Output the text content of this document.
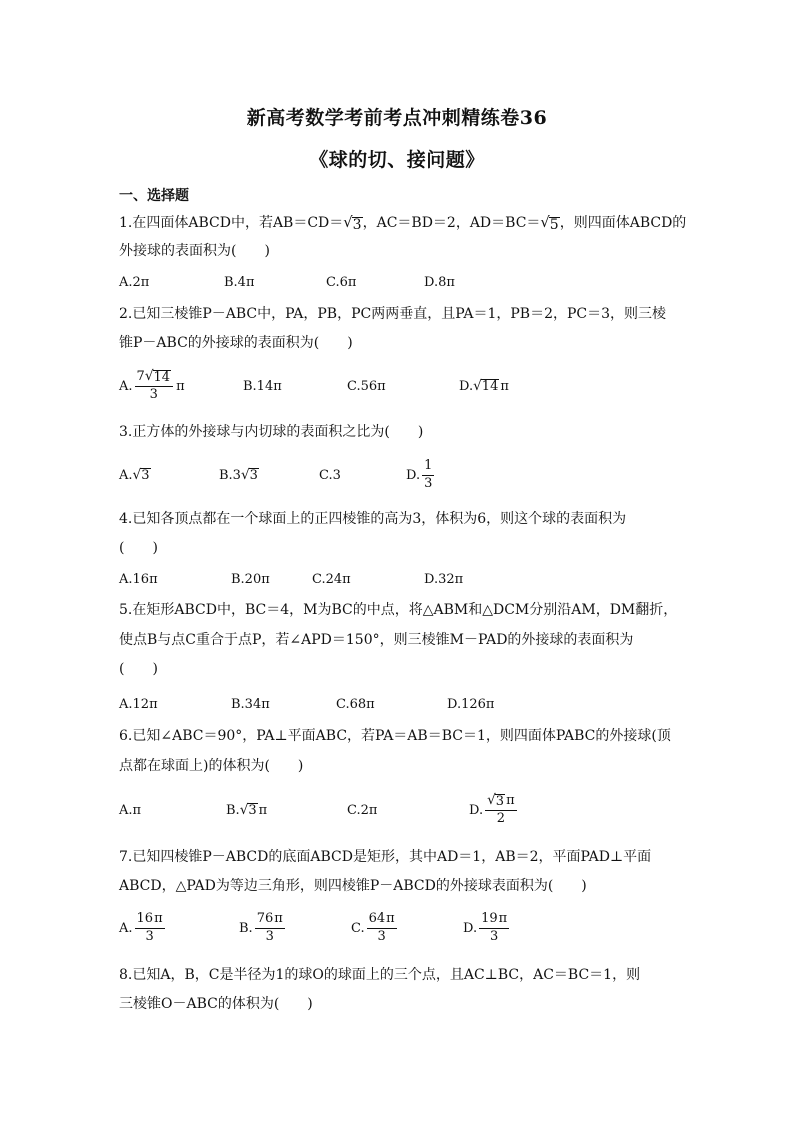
新高考数学考前考点冲刺精练卷36
《球的切、接问题》
一、选择题
1.在四面体ABCD中，若AB＝CD＝ √ 3 ，AC＝BD＝2，AD＝BC＝ √ 5 ，则四面体ABCD的
外接球的表面积为(　　)
A.2π	B.4π	C.6π	D.8π
2.已知三棱锥P－ABC中，PA，PB，PC两两垂直，且PA＝1，PB＝2，PC＝3，则三棱
锥P－ABC的外接球的表面积为(　　)
A. $\frac{7 √ 14}{3}$ π	B.14π	C.56π	D. √ 14 π
3.正方体的外接球与内切球的表面积之比为(　　)
A. √ 3	B.3 √ 3	C.3	D. $\frac{1}{3}$
4.已知各顶点都在一个球面上的正四棱锥的高为3，体积为6，则这个球的表面积为
(　　)
A.16π	B.20π	C.24π	D.32π
5.在矩形ABCD中，BC＝4，M为BC的中点，将△ABM和△DCM分别沿AM，DM翻折，
使点B与点C重合于点P，若∠APD＝150°，则三棱锥M－PAD的外接球的表面积为
(　　)
A.12π	B.34π	C.68π	D.126π
6.已知∠ABC＝90°，PA⊥平面ABC，若PA＝AB＝BC＝1，则四面体PABC的外接球(顶
点都在球面上)的体积为(　　)
A.π	B. √ 3 π	C.2π	D. $\frac{√ 3 \pi}{2}$
7.已知四棱锥P－ABCD的底面ABCD是矩形，其中AD＝1，AB＝2，平面PAD⊥平面
ABCD，△PAD为等边三角形，则四棱锥P－ABCD的外接球表面积为(　　)
A. $\frac{16 \pi}{3}$	B. $\frac{76 \pi}{3}$	C. $\frac{64 \pi}{3}$	D. $\frac{19 \pi}{3}$
8.已知A，B，C是半径为1的球O的球面上的三个点，且AC⊥BC，AC＝BC＝1，则
三棱锥O－ABC的体积为(　　)
